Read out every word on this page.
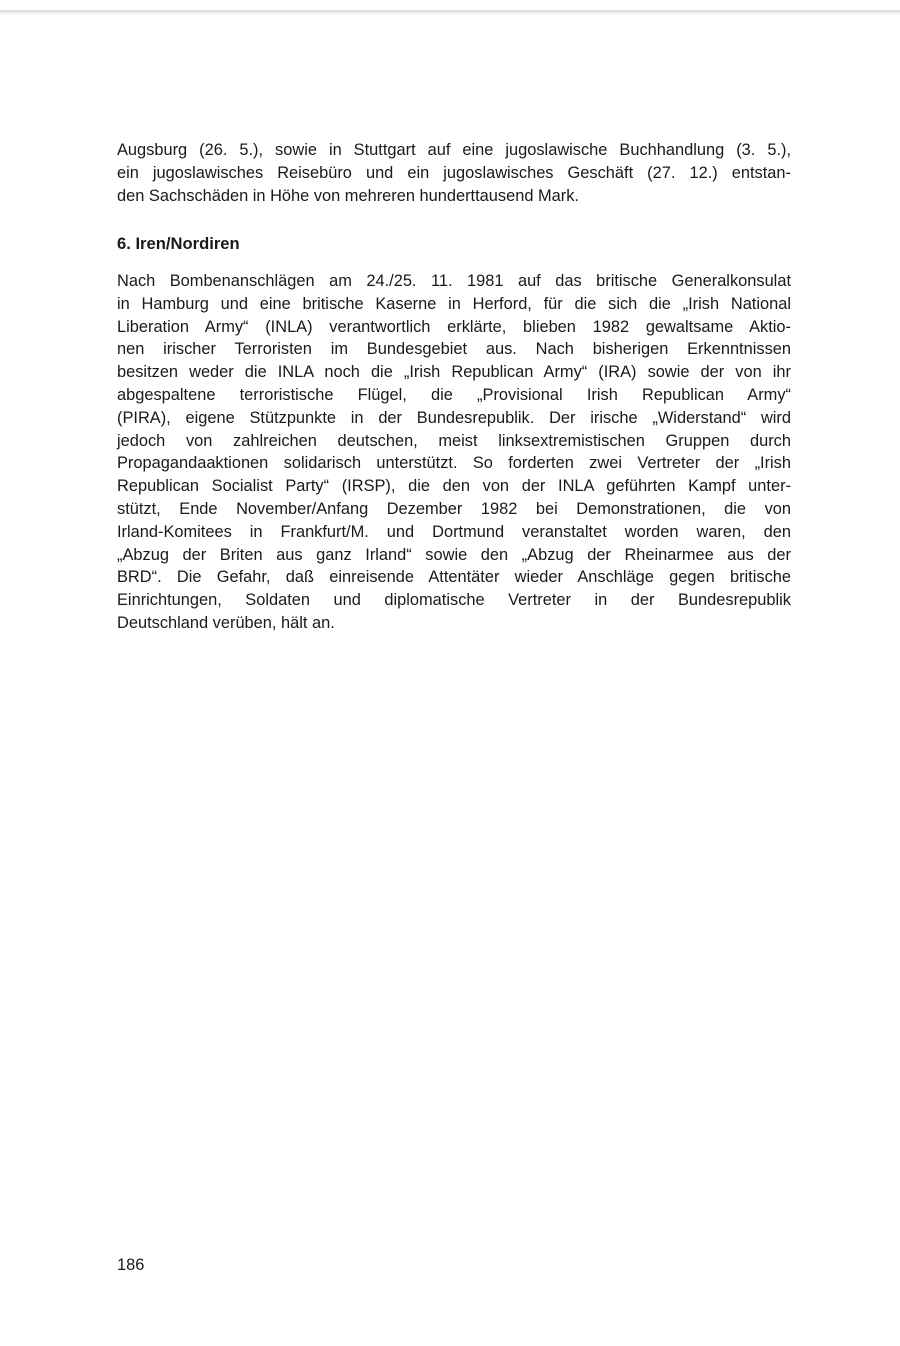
Augsburg (26. 5.), sowie in Stuttgart auf eine jugoslawische Buchhandlung (3. 5.),
ein jugoslawisches Reisebüro und ein jugoslawisches Geschäft (27. 12.) entstan-
den Sachschäden in Höhe von mehreren hunderttausend Mark.

6. Iren/Nordiren

Nach Bombenanschlägen am 24./25. 11. 1981 auf das britische Generalkonsulat
in Hamburg und eine britische Kaserne in Herford, für die sich die „Irish National
Liberation Army“ (INLA) verantwortlich erklärte, blieben 1982 gewaltsame Aktio-
nen irischer Terroristen im Bundesgebiet aus. Nach bisherigen Erkenntnissen
besitzen weder die INLA noch die „Irish Republican Army“ (IRA) sowie der von ihr
abgespaltene terroristische Flügel, die „Provisional Irish Republican Army“
(PIRA), eigene Stützpunkte in der Bundesrepublik. Der irische „Widerstand“ wird
jedoch von zahlreichen deutschen, meist linksextremistischen Gruppen durch
Propagandaaktionen solidarisch unterstützt. So forderten zwei Vertreter der „Irish
Republican Socialist Party“ (IRSP), die den von der INLA geführten Kampf unter-
stützt, Ende November/Anfang Dezember 1982 bei Demonstrationen, die von
Irland-Komitees in Frankfurt/M. und Dortmund veranstaltet worden waren, den
„Abzug der Briten aus ganz Irland“ sowie den „Abzug der Rheinarmee aus der
BRD“. Die Gefahr, daß einreisende Attentäter wieder Anschläge gegen britische
Einrichtungen, Soldaten und diplomatische Vertreter in der Bundesrepublik
Deutschland verüben, hält an.

186
